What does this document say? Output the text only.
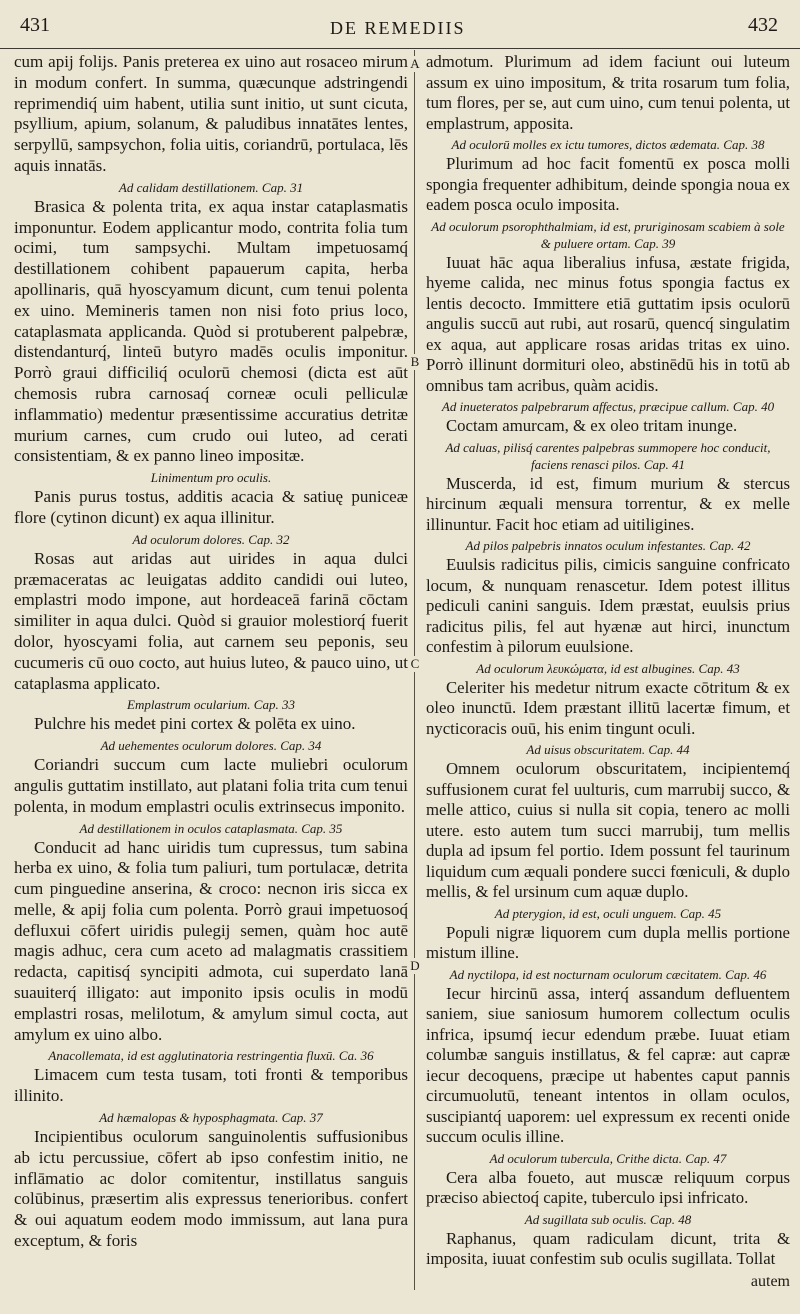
431	DE REMEDIIS	432
A
B
C
D

cum apij folijs. Panis preterea ex uino aut rosaceo mirum in modum confert. In summa, quæcunque adstringendi reprimendiq́ uim habent, utilia sunt initio, ut sunt cicuta, psyllium, apium, solanum, & paludibus innatātes lentes, serpyllū, sampsychon, folia uitis, coriandrū, portulaca, lēs aquis innatās.

Ad calidam destillationem. Cap. 31

Brasica & polenta trita, ex aqua instar cataplasmatis imponuntur. Eodem applicantur modo, contrita folia tum ocimi, tum sampsychi. Multam impetuosamq́ destillationem cohibent papauerum capita, herba apollinaris, quā hyoscyamum dicunt, cum tenui polenta ex uino. Memineris tamen non nisi foto prius loco, cataplasmata applicanda. Quòd si protuberent palpebræ, distendanturq́, linteū butyro madēs oculis imponitur. Porrò graui difficiliq́ oculorū chemosi (dicta est aūt chemosis rubra carnosaq́ corneæ oculi pelliculæ inflammatio) medentur præsentissime accuratius detritæ murium carnes, cum crudo oui luteo, ad cerati consistentiam, & ex panno lineo impositæ.

Linimentum pro oculis.

Panis purus tostus, additis acacia & satiuę puniceæ flore (cytinon dicunt) ex aqua illinitur.

Ad oculorum dolores. Cap. 32

Rosas aut aridas aut uirides in aqua dulci præmaceratas ac leuigatas addito candidi oui luteo, emplastri modo impone, aut hordeaceā farinā cōctam similiter in aqua dulci. Quòd si grauior molestiorq́ fuerit dolor, hyoscyami folia, aut carnem seu peponis, seu cucumeris cū ouo cocto, aut huius luteo, & pauco uino, ut cataplasma applicato.

Emplastrum ocularium. Cap. 33

Pulchre his medeŧ pini cortex & polēta ex uino.

Ad uehementes oculorum dolores. Cap. 34

Coriandri succum cum lacte muliebri oculorum angulis guttatim instillato, aut platani folia trita cum tenui polenta, in modum emplastri oculis extrinsecus imponito.

Ad destillationem in oculos cataplasmata. Cap. 35

Conducit ad hanc uiridis tum cupressus, tum sabina herba ex uino, & folia tum paliuri, tum portulacæ, detrita cum pinguedine anserina, & croco: necnon iris sicca ex melle, & apij folia cum polenta. Porrò graui impetuosoq́ defluxui cōfert uiridis pulegij semen, quàm hoc autē magis adhuc, cera cum aceto ad malagmatis crassitiem redacta, capitisq́ syncipiti admota, cui superdato lanā suauiterq́ illigato: aut imponito ipsis oculis in modū emplastri rosas, melilotum, & amylum simul cocta, aut amylum ex uino albo.

Anacollemata, id est agglutinatoria restringentia fluxū. Ca. 36

Limacem cum testa tusam, toti fronti & temporibus illinito.

Ad hæmalopas & hyposphagmata. Cap. 37

Incipientibus oculorum sanguinolentis suffusionibus ab ictu percussiue, cōfert ab ipso confestim initio, ne inflāmatio ac dolor comitentur, instillatus sanguis colūbinus, præsertim alis expressus tenerioribus. confert & oui aquatum eodem modo immissum, aut lana pura exceptum, & foris

admotum. Plurimum ad idem faciunt oui luteum assum ex uino impositum, & trita rosarum tum folia, tum flores, per se, aut cum uino, cum tenui polenta, ut emplastrum, apposita.

Ad oculorū molles ex ictu tumores, dictos ædemata. Cap. 38

Plurimum ad hoc facit fomentū ex posca molli spongia frequenter adhibitum, deinde spongia noua ex eadem posca oculo imposita.

Ad oculorum psorophthalmiam, id est, pruriginosam scabiem à sole & puluere ortam. Cap. 39

Iuuat hāc aqua liberalius infusa, æstate frigida, hyeme calida, nec minus fotus spongia factus ex lentis decocto. Immittere etiā guttatim ipsis oculorū angulis succū aut rubi, aut rosarū, quencq́ singulatim ex aqua, aut applicare rosas aridas tritas ex uino. Porrò illinunt dormituri oleo, abstinēdū his in totū ab omnibus tam acribus, quàm acidis.

Ad inueteratos palpebrarum affectus, præcipue callum. Cap. 40

Coctam amurcam, & ex oleo tritam inunge.

Ad caluas, pilisq́ carentes palpebras summopere hoc conducit, faciens renasci pilos. Cap. 41

Muscerda, id est, fimum murium & stercus hircinum æquali mensura torrentur, & ex melle illinuntur. Facit hoc etiam ad uitiligines.

Ad pilos palpebris innatos oculum infestantes. Cap. 42

Euulsis radicitus pilis, cimicis sanguine confricato locum, & nunquam renascetur. Idem potest illitus pediculi canini sanguis. Idem præstat, euulsis prius radicitus pilis, fel aut hyænæ aut hirci, inunctum confestim à pilorum euulsione.

Ad oculorum λευκώματα, id est albugines. Cap. 43

Celeriter his medetur nitrum exacte cōtritum & ex oleo inunctū. Idem præstant illitū lacertæ fimum, et nycticoracis ouū, his enim tingunt oculi.

Ad uisus obscuritatem. Cap. 44

Omnem oculorum obscuritatem, incipientemq́ suffusionem curat fel uulturis, cum marrubij succo, & melle attico, cuius si nulla sit copia, tenero ac molli utere. esto autem tum succi marrubij, tum mellis dupla ad ipsum fel portio. Idem possunt fel taurinum liquidum cum æquali pondere succi fœniculi, & duplo mellis, & fel ursinum cum aquæ duplo.

Ad pterygion, id est, oculi unguem. Cap. 45

Populi nigræ liquorem cum dupla mellis portione mistum illine.

Ad nyctilopa, id est nocturnam oculorum cæcitatem. Cap. 46

Iecur hircinū assa, interq́ assandum defluentem saniem, siue saniosum humorem collectum oculis infrica, ipsumq́ iecur edendum præbe. Iuuat etiam columbæ sanguis instillatus, & fel capræ: aut capræ iecur decoquens, præcipe ut habentes caput pannis circumuolutū, teneant intentos in ollam oculos, suscipiantq́ uaporem: uel expressum ex recenti onide succum oculis illine.

Ad oculorum tubercula, Crithe dicta. Cap. 47

Cera alba foueto, aut muscæ reliquum corpus præciso abiectoq́ capite, tuberculo ipsi infricato.

Ad sugillata sub oculis. Cap. 48

Raphanus, quam radiculam dicunt, trita & imposita, iuuat confestim sub oculis sugillata. Tollat

autem
